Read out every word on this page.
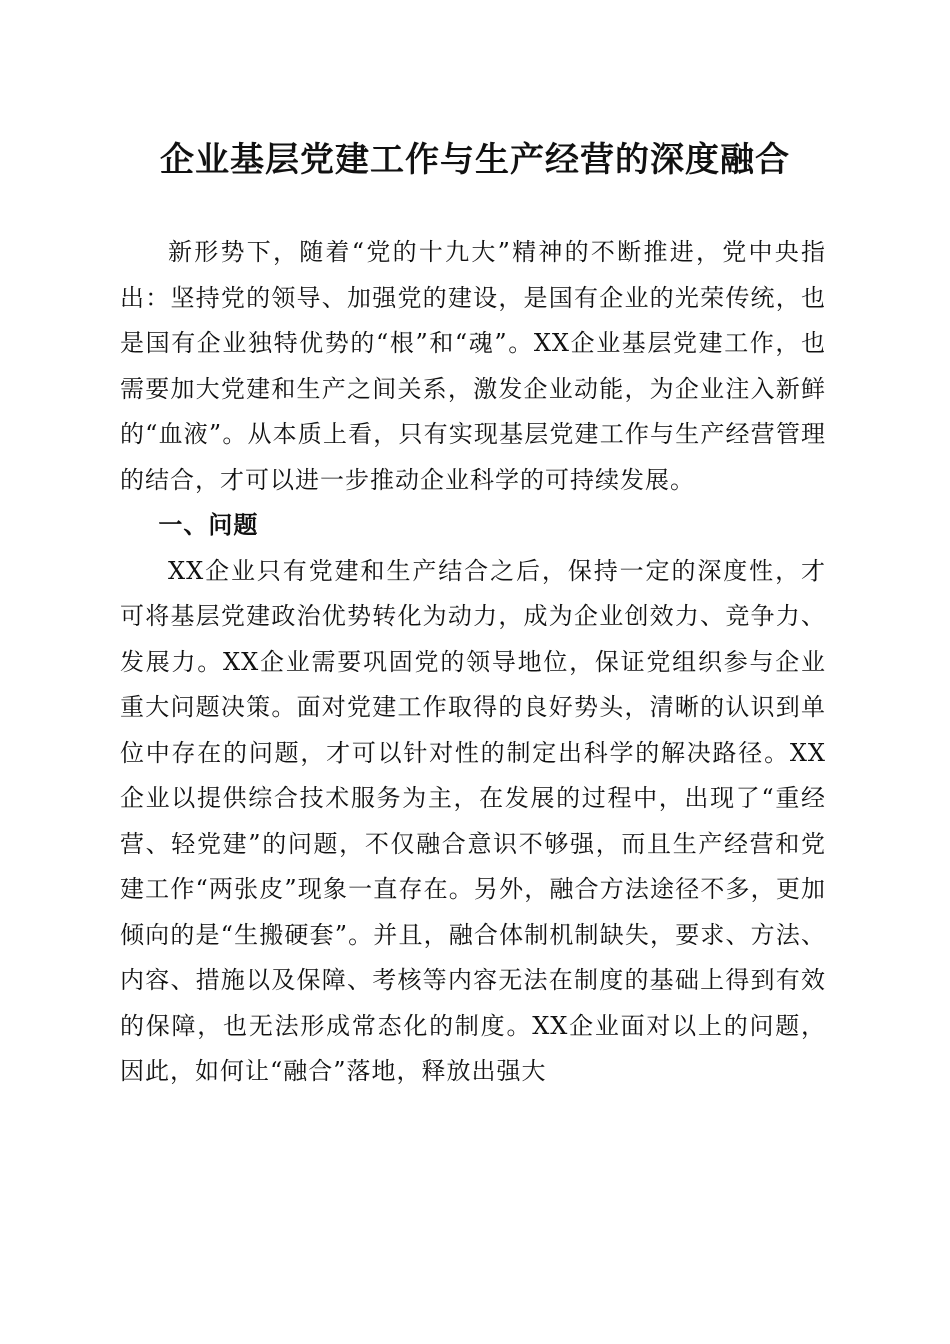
企业基层党建工作与生产经营的深度融合

新形势下，随着“党的十九大”精神的不断推进，党中央指出：坚持党的领导、加强党的建设，是国有企业的光荣传统，也是国有企业独特优势的“根”和“魂”。XX企业基层党建工作，也需要加大党建和生产之间关系，激发企业动能，为企业注入新鲜的“血液”。从本质上看，只有实现基层党建工作与生产经营管理的结合，才可以进一步推动企业科学的可持续发展。

一、问题

XX企业只有党建和生产结合之后，保持一定的深度性，才可将基层党建政治优势转化为动力，成为企业创效力、竞争力、发展力。XX企业需要巩固党的领导地位，保证党组织参与企业重大问题决策。面对党建工作取得的良好势头，清晰的认识到单位中存在的问题，才可以针对性的制定出科学的解决路径。XX企业以提供综合技术服务为主，在发展的过程中，出现了“重经营、轻党建”的问题，不仅融合意识不够强，而且生产经营和党建工作“两张皮”现象一直存在。另外，融合方法途径不多，更加倾向的是“生搬硬套”。并且，融合体制机制缺失，要求、方法、内容、措施以及保障、考核等内容无法在制度的基础上得到有效的保障，也无法形成常态化的制度。XX企业面对以上的问题，因此，如何让“融合”落地，释放出强大
